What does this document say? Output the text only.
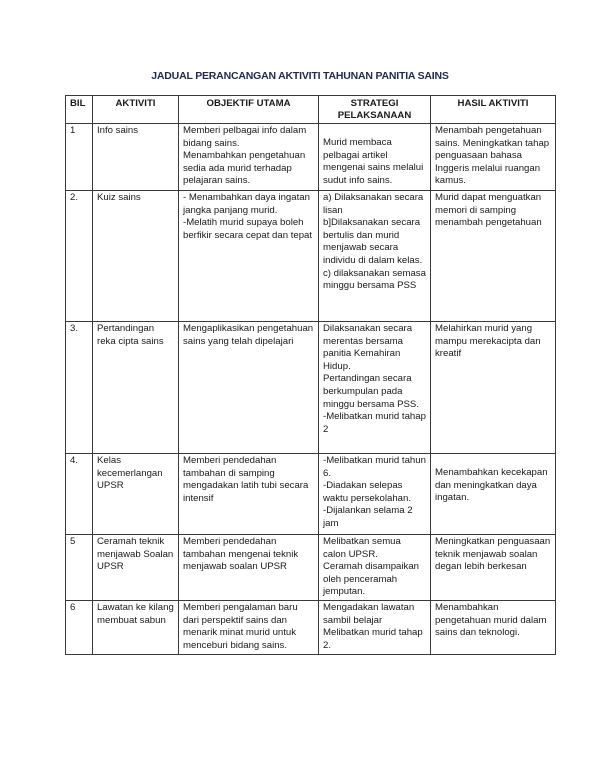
JADUAL PERANCANGAN AKTIVITI TAHUNAN PANITIA SAINS
BIL	AKTIVITI	OBJEKTIF UTAMA	STRATEGI PELAKSANAAN	HASIL AKTIVITI
1	Info sains	Memberi pelbagai info dalam bidang sains.
Menambahkan pengetahuan sedia ada murid terhadap pelajaran sains.	Murid membaca pelbagai artikel mengenai sains melalui sudut info sains.	Menambah pengetahuan sains. Meningkatkan tahap penguasaan bahasa Inggeris melalui ruangan kamus.

2.	Kuiz sains	- Menambahkan daya ingatan jangka panjang murid.
-Melatih murid supaya boleh berfikir secara cepat dan tepat	a) Dilaksanakan secara lisan
b]Dilaksanakan secara bertulis dan murid menjawab secara individu di dalam kelas.
c) dilaksanakan semasa minggu bersama PSS	Murid dapat menguatkan memori di samping menambah pengetahuan

3.	Pertandingan reka cipta sains	Mengaplikasikan pengetahuan sains yang telah dipelajari	Dilaksanakan secara merentas bersama panitia Kemahiran Hidup.
Pertandingan secara berkumpulan pada minggu bersama PSS.
-Melibatkan murid tahap 2	Melahirkan murid yang mampu merekacipta dan kreatif

4.	Kelas kecemerlangan UPSR	Memberi pendedahan tambahan di samping mengadakan latih tubi secara intensif	-Melibatkan murid tahun 6.
-Diadakan selepas waktu persekolahan.
-Dijalankan selama 2 jam	Menambahkan kecekapan dan meningkatkan daya ingatan.

5	Ceramah teknik menjawab Soalan UPSR	Memberi pendedahan tambahan mengenai teknik menjawab soalan UPSR	Melibatkan semua calon UPSR.
Ceramah disampaikan oleh penceramah jemputan.	Meningkatkan penguasaan teknik menjawab soalan degan lebih berkesan

6	Lawatan ke kilang membuat sabun	Memberi pengalaman baru dari perspektif sains dan menarik minat murid untuk menceburi bidang sains.	Mengadakan lawatan sambil belajar Melibatkan murid tahap 2.	Menambahkan pengetahuan murid dalam sains dan teknologi.
